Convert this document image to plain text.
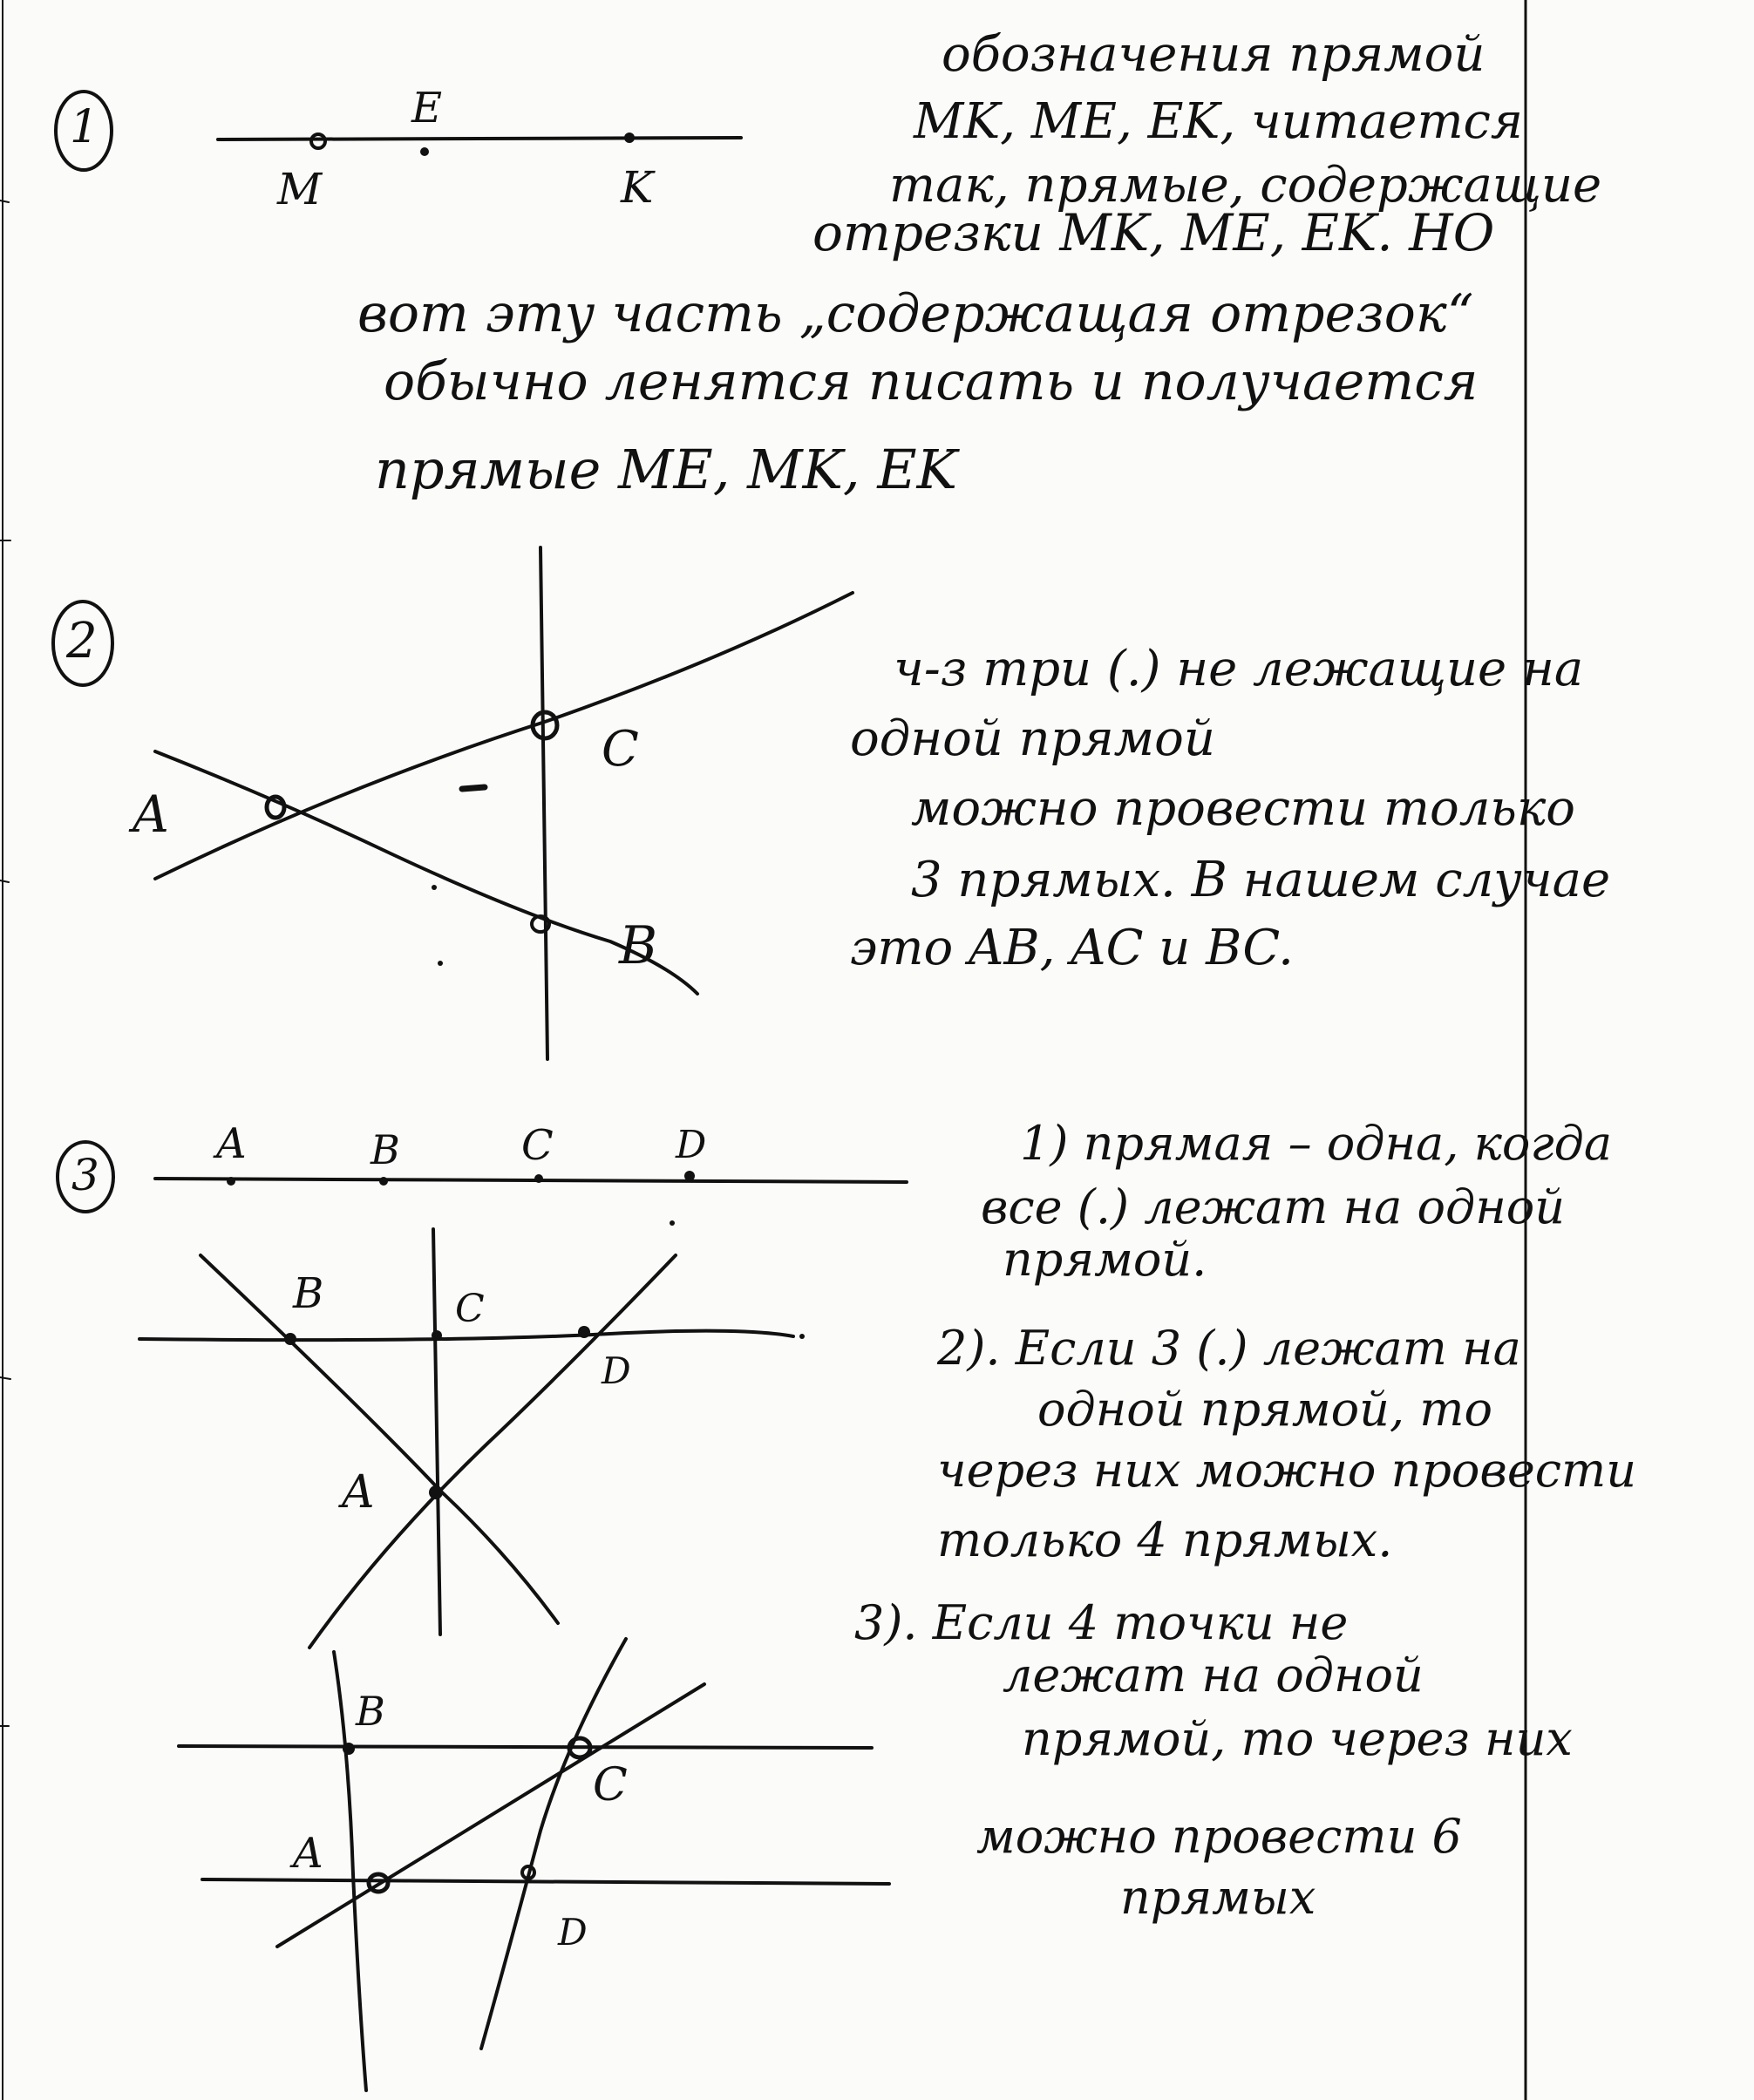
1
2
3
M
E
K
обозначения прямой
MK, ME, EK, читается
так, прямые, содержащие
отрезки MK, ME, EK. НО
вот эту часть „содержащая отрезок“
обычно ленятся писать и получается
прямые ME, MK, EK
A
C
B
ч-з три (.) не лежащие на
одной прямой
можно провести только
3 прямых. В нашем случае
это AB, AC и BC.
A	B	C	D
B	C
D
A
B
C
A
D
1) прямая – одна, когда
все (.) лежат на одной
прямой.
2). Если 3 (.) лежат на
одной прямой, то
через них можно провести
только 4 прямых.
3). Если 4 точки не
лежат на одной
прямой, то через них
можно провести 6
прямых
